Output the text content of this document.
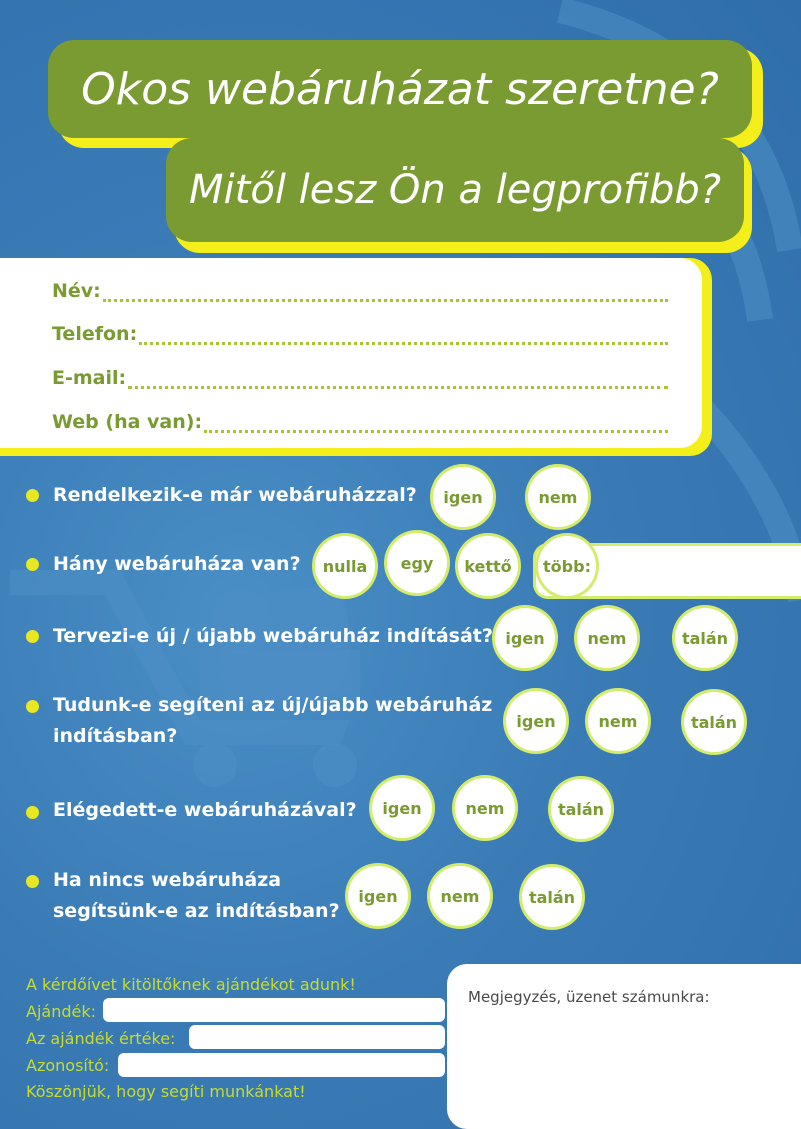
Okos webáruházat szeretne?
Mitől lesz Ön a legprofibb?
Név:
Telefon:
E-mail:
Web (ha van):
Rendelkezik-e már webáruházzal?	igen	nem
Hány webáruháza van?	nulla	egy	kettő	több:
Tervezi-e új / újabb webáruház indítását? igen	nem	talán
Tudunk-e segíteni az új/újabb webáruház
indításban?
igen	nem	talán
Elégedett-e webáruházával?	igen	nem	talán
Ha nincs webáruháza
segítsünk-e az indításban?
igen	nem	talán
A kérdőívet kitöltőknek ajándékot adunk!
Ajándék:
Az ajándék értéke:
Azonosító:
Köszönjük, hogy segíti munkánkat!
Megjegyzés, üzenet számunkra:
